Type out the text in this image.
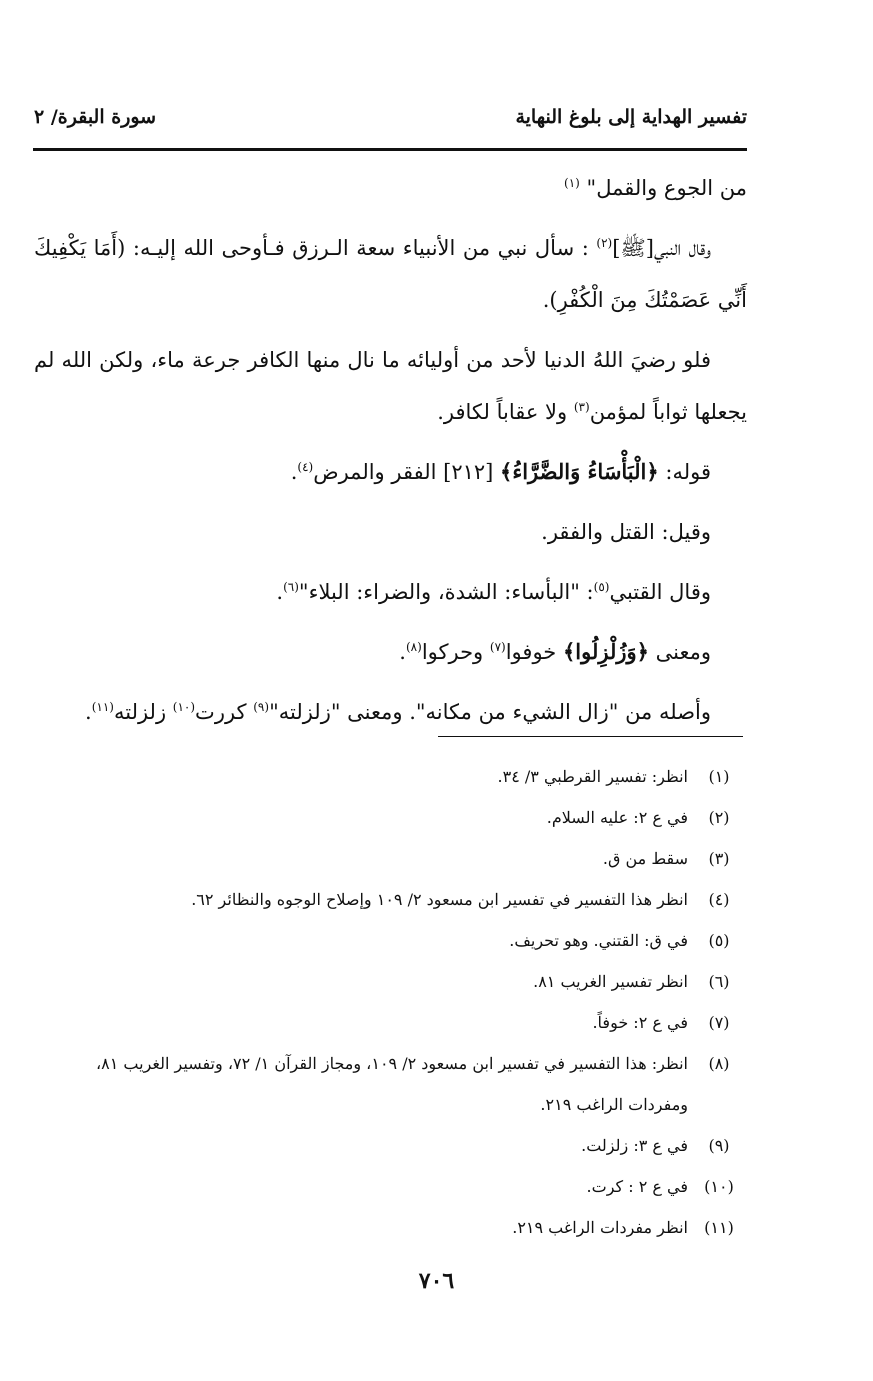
تفسير الهداية إلى بلوغ النهاية
سورة البقرة/ ٢

من الجوع والقمل" $^{(١)}$

وقال النبي[ﷺ]$^{(٢)}$ : سأل نبي من الأنبياء سعة الـرزق فـأوحى الله إليـه: (أَمَا يَكْفِيكَ أَنِّي عَصَمْتُكَ مِنَ الْكُفْرِ).

فلو رضيَ اللهُ الدنيا لأحد من أوليائه ما نال منها الكافر جرعة ماء، ولكن الله لم يجعلها ثواباً لمؤمن$^{(٣)}$ ولا عقاباً لكافر.

قوله: ﴿الْبَأْسَاءُ وَالضَّرَّاءُ﴾ [٢١٢] الفقر والمرض$^{(٤)}$.

وقيل: القتل والفقر.

وقال القتبي$^{(٥)}$: "البأساء: الشدة، والضراء: البلاء"$^{(٦)}$.

ومعنى ﴿وَزُلْزِلُوا﴾ خوفوا$^{(٧)}$ وحركوا$^{(٨)}$.

وأصله من "زال الشيء من مكانه". ومعنى "زلزلته"$^{(٩)}$ كررت$^{(١٠)}$ زلزلته$^{(١١)}$.

(١)
انظر: تفسير القرطبي ٣/ ٣٤.
(٢)
في ع ٢: عليه السلام.
(٣)
سقط من ق.
(٤)
انظر هذا التفسير في تفسير ابن مسعود ٢/ ١٠٩ وإصلاح الوجوه والنظائر ٦٢.
(٥)
في ق: القتني. وهو تحريف.
(٦)
انظر تفسير الغريب ٨١.
(٧)
في ع ٢: خوفاً.
(٨)
انظر: هذا التفسير في تفسير ابن مسعود ٢/ ١٠٩، ومجاز القرآن ١/ ٧٢، وتفسير الغريب ٨١، ومفردات الراغب ٢١٩.
(٩)
في ع ٣: زلزلت.
(١٠)
في ع ٢ : كرت.
(١١)
انظر مفردات الراغب ٢١٩.
٧٠٦
